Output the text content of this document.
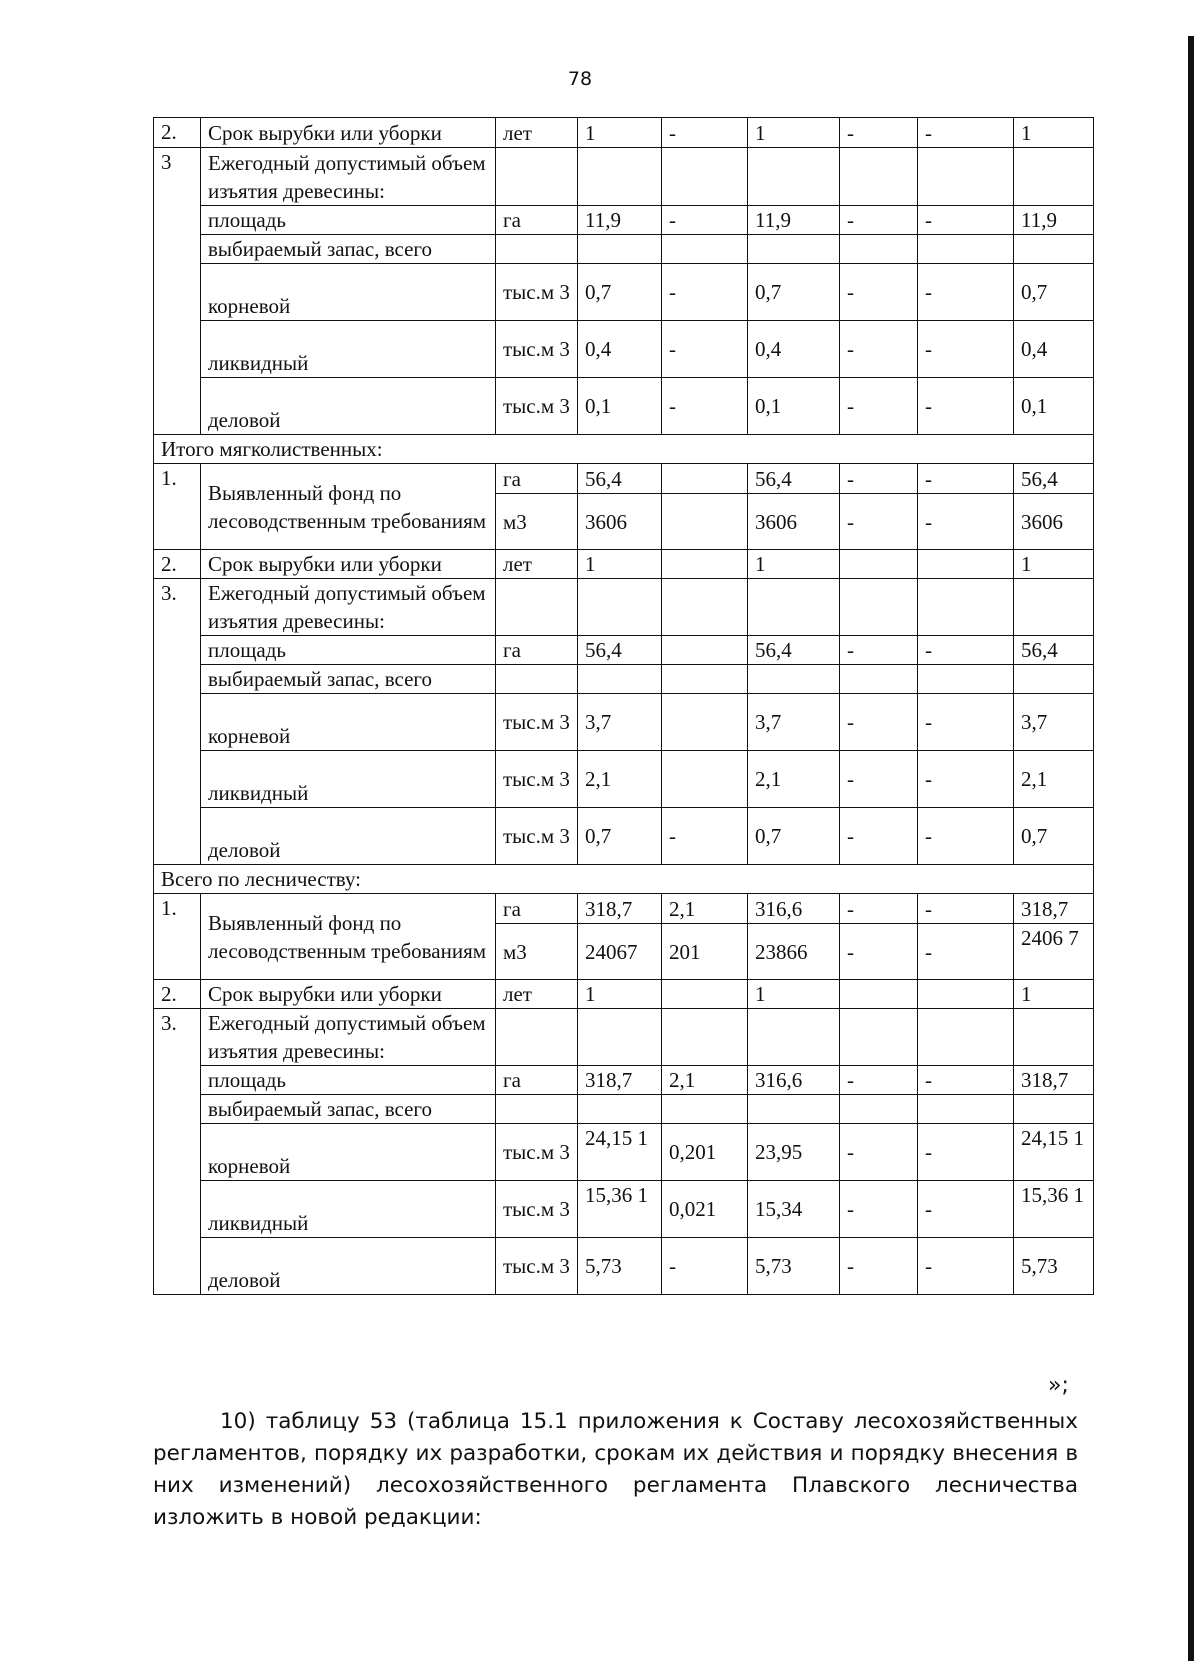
78
2.	Срок вырубки или уборки	лет	1	-	1	-	-	1
3	Ежегодный допустимый объем изъятия древесины:							
	площадь	га	11,9	-	11,9	-	-	11,9
	выбираемый запас, всего							
	корневой	тыс.м 3	0,7	-	0,7	-	-	0,7
	ликвидный	тыс.м 3	0,4	-	0,4	-	-	0,4
	деловой	тыс.м 3	0,1	-	0,1	-	-	0,1
Итого мягколиственных:								
1.	Выявленный фонд по лесоводственным требованиям	га	56,4		56,4	-	-	56,4
		м3	3606		3606	-	-	3606
2.	Срок вырубки или уборки	лет	1		1			1
3.	Ежегодный допустимый объем изъятия древесины:							
	площадь	га	56,4		56,4	-	-	56,4
	выбираемый запас, всего							
	корневой	тыс.м 3	3,7		3,7	-	-	3,7
	ликвидный	тыс.м 3	2,1		2,1	-	-	2,1
	деловой	тыс.м 3	0,7	-	0,7	-	-	0,7
Всего по лесничеству:								
1.	Выявленный фонд по лесоводственным требованиям	га	318,7	2,1	316,6	-	-	318,7
		м3	24067	201	23866	-	-	2406 7
2.	Срок вырубки или уборки	лет	1		1			1
3.	Ежегодный допустимый объем изъятия древесины:							
	площадь	га	318,7	2,1	316,6	-	-	318,7
	выбираемый запас, всего							
	корневой	тыс.м 3	24,15 1	0,201	23,95	-	-	24,15 1
	ликвидный	тыс.м 3	15,36 1	0,021	15,34	-	-	15,36 1
	деловой	тыс.м 3	5,73	-	5,73	-	-	5,73
»;

10) таблицу 53 (таблица 15.1 приложения к Составу лесохозяйственных регламентов, порядку их разработки, срокам их действия и порядку внесения в них изменений) лесохозяйственного регламента Плавского лесничества изложить в новой редакции:
